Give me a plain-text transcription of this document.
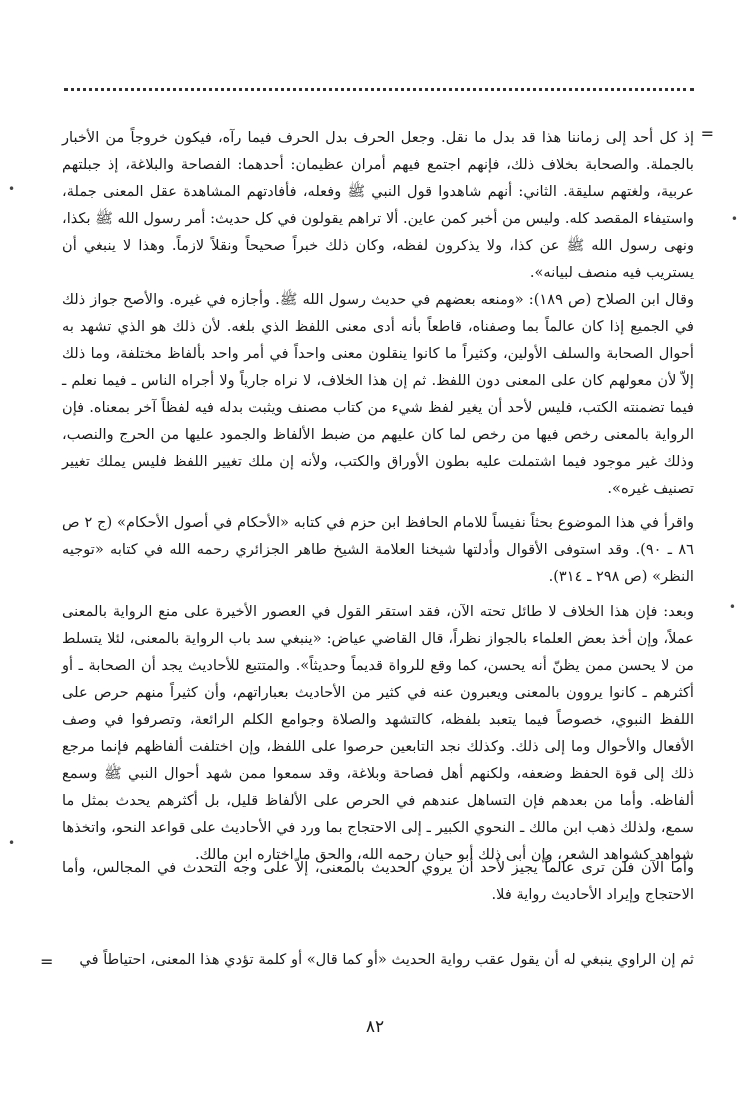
=

إذ كل أحد إلى زماننا هذا قد بدل ما نقل. وجعل الحرف بدل الحرف فيما رآه، فيكون خروجاً من الأخبار بالجملة. والصحابة بخلاف ذلك، فإنهم اجتمع فيهم أمران عظيمان: أحدهما: الفصاحة والبلاغة، إذ جبلتهم عربية، ولغتهم سليقة. الثاني: أنهم شاهدوا قول النبي ﷺ وفعله، فأفادتهم المشاهدة عقل المعنى جملة، واستيفاء المقصد كله. وليس من أخبر كمن عاين. ألا تراهم يقولون في كل حديث: أمر رسول الله ﷺ بكذا، ونهى رسول الله ﷺ عن كذا، ولا يذكرون لفظه، وكان ذلك خبراً صحيحاً ونقلاً لازماً. وهذا لا ينبغي أن يستريب فيه منصف لبيانه».

وقال ابن الصلاح (ص ١٨٩): «ومنعه بعضهم في حديث رسول الله ﷺ. وأجازه في غيره. والأصح جواز ذلك في الجميع إذا كان عالماً بما وصفناه، قاطعاً بأنه أدى معنى اللفظ الذي بلغه. لأن ذلك هو الذي تشهد به أحوال الصحابة والسلف الأولين، وكثيراً ما كانوا ينقلون معنى واحداً في أمر واحد بألفاظ مختلفة، وما ذلك إلاّ لأن معولهم كان على المعنى دون اللفظ. ثم إن هذا الخلاف، لا نراه جارياً ولا أجراه الناس ـ فيما نعلم ـ فيما تضمنته الكتب، فليس لأحد أن يغير لفظ شيء من كتاب مصنف ويثبت بدله فيه لفظاً آخر بمعناه. فإن الرواية بالمعنى رخص فيها من رخص لما كان عليهم من ضبط الألفاظ والجمود عليها من الحرج والنصب، وذلك غير موجود فيما اشتملت عليه بطون الأوراق والكتب، ولأنه إن ملك تغيير اللفظ فليس يملك تغيير تصنيف غيره».

واقرأ في هذا الموضوع بحثاً نفيساً للامام الحافظ ابن حزم في كتابه «الأحكام في أصول الأحكام» (ج ٢ ص ٨٦ ـ ٩٠). وقد استوفى الأقوال وأدلتها شيخنا العلامة الشيخ طاهر الجزائري رحمه الله في كتابه «توجيه النظر» (ص ٢٩٨ ـ ٣١٤).

وبعد: فإن هذا الخلاف لا طائل تحته الآن، فقد استقر القول في العصور الأخيرة على منع الرواية بالمعنى عملاً، وإن أخذ بعض العلماء بالجواز نظراً، قال القاضي عياض: «ينبغي سد باب الرواية بالمعنى، لئلا يتسلط من لا يحسن ممن يظنّ أنه يحسن، كما وقع للرواة قديماً وحديثاً». والمتتبع للأحاديث يجد أن الصحابة ـ أو أكثرهم ـ كانوا يروون بالمعنى ويعبرون عنه في كثير من الأحاديث بعباراتهم، وأن كثيراً منهم حرص على اللفظ النبوي، خصوصاً فيما يتعبد بلفظه، كالتشهد والصلاة وجوامع الكلم الرائعة، وتصرفوا في وصف الأفعال والأحوال وما إلى ذلك. وكذلك نجد التابعين حرصوا على اللفظ، وإن اختلفت ألفاظهم فإنما مرجع ذلك إلى قوة الحفظ وضعفه، ولكنهم أهل فصاحة وبلاغة، وقد سمعوا ممن شهد أحوال النبي ﷺ وسمع ألفاظه. وأما من بعدهم فإن التساهل عندهم في الحرص على الألفاظ قليل، بل أكثرهم يحدث بمثل ما سمع، ولذلك ذهب ابن مالك ـ النحوي الكبير ـ إلى الاحتجاج بما ورد في الأحاديث على قواعد النحو، واتخذها شواهد كشواهد الشعر، وإن أبى ذلك أبو حيان رحمه الله، والحق ما اختاره ابن مالك.

وأما الآن فلن ترى عالماً يجيز لأحد أن يروي الحديث بالمعنى، إلاّ على وجه التحدث في المجالس، وأما الاحتجاج وإيراد الأحاديث رواية فلا.

ثم إن الراوي ينبغي له أن يقول عقب رواية الحديث «أو كما قال» أو كلمة تؤدي هذا المعنى، احتياطاً في

=
•
•
•
•
٨٢
